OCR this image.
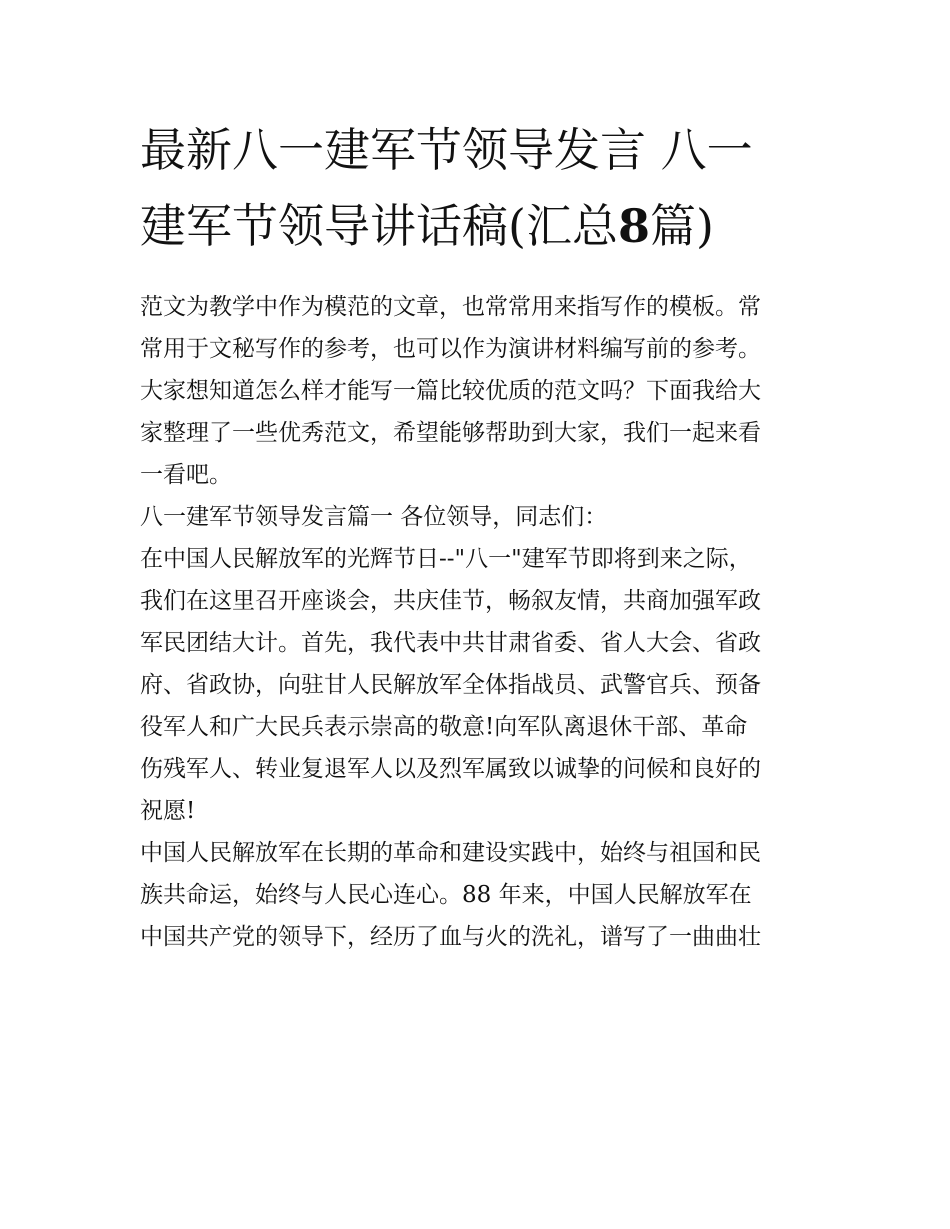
最新八一建军节领导发言 八一
建军节领导讲话稿(汇总8篇)

范文为教学中作为模范的文章，也常常用来指写作的模板。常
常用于文秘写作的参考，也可以作为演讲材料编写前的参考。
大家想知道怎么样才能写一篇比较优质的范文吗？下面我给大
家整理了一些优秀范文，希望能够帮助到大家，我们一起来看
一看吧。

八一建军节领导发言篇一 各位领导，同志们：

在中国人民解放军的光辉节日--"八一"建军节即将到来之际，
我们在这里召开座谈会，共庆佳节，畅叙友情，共商加强军政
军民团结大计。首先，我代表中共甘肃省委、省人大会、省政
府、省政协，向驻甘人民解放军全体指战员、武警官兵、预备
役军人和广大民兵表示崇高的敬意!向军队离退休干部、革命
伤残军人、转业复退军人以及烈军属致以诚挚的问候和良好的
祝愿!

中国人民解放军在长期的革命和建设实践中，始终与祖国和民
族共命运，始终与人民心连心。88 年来，中国人民解放军在
中国共产党的领导下，经历了血与火的洗礼，谱写了一曲曲壮
